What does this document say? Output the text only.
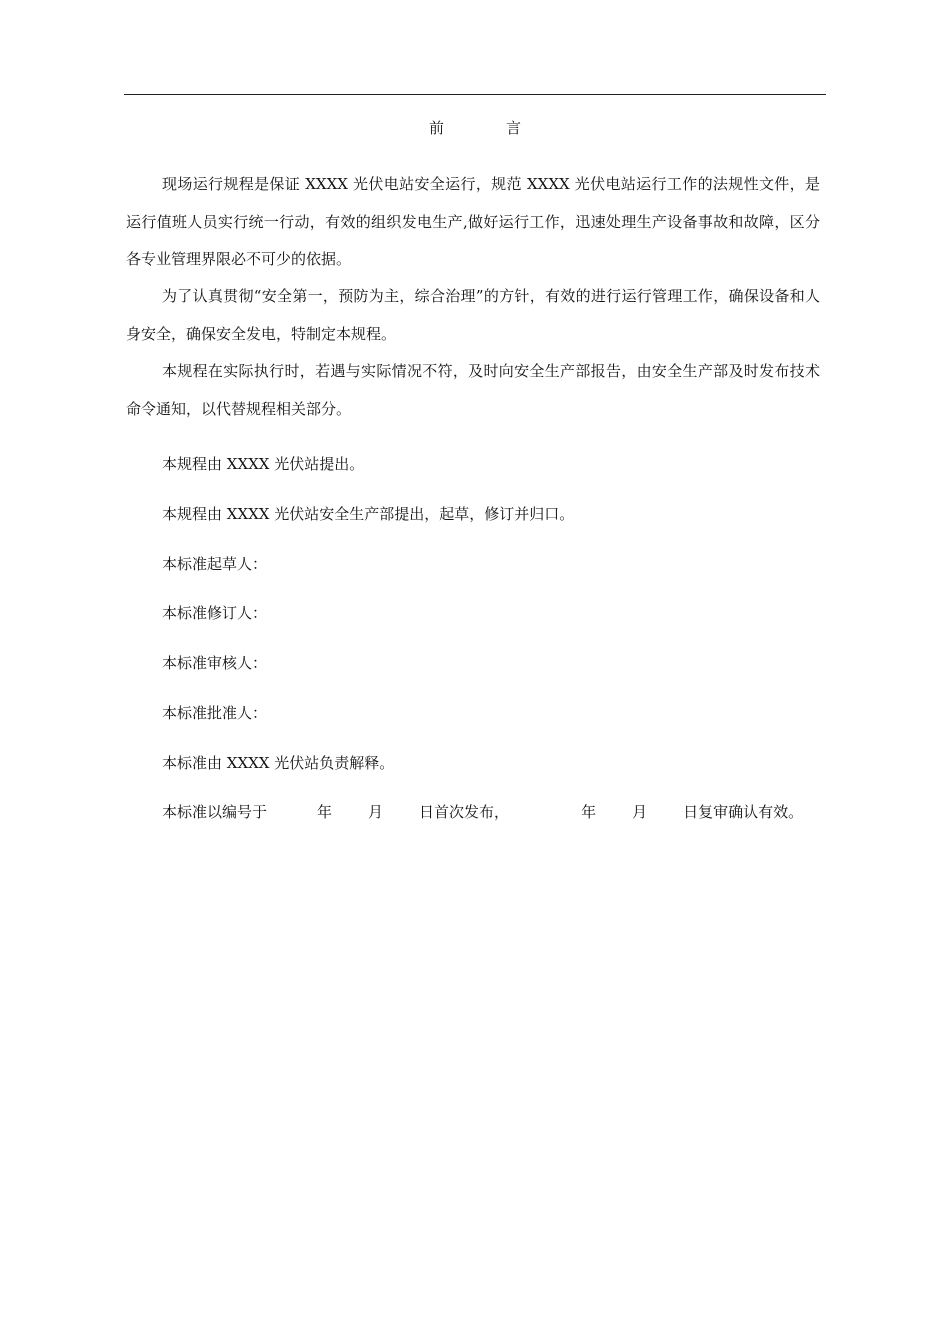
前	言

现场运行规程是保证 XXXX 光伏电站安全运行，规范 XXXX 光伏电站运行工作的法规性文件，是运行值班人员实行统一行动，有效的组织发电生产,做好运行工作，迅速处理生产设备事故和故障，区分各专业管理界限必不可少的依据。

为了认真贯彻“安全第一，预防为主，综合治理”的方针，有效的进行运行管理工作，确保设备和人身安全，确保安全发电，特制定本规程。

本规程在实际执行时，若遇与实际情况不符，及时向安全生产部报告，由安全生产部及时发布技术命令通知，以代替规程相关部分。

本规程由 XXXX 光伏站提出。

本规程由 XXXX 光伏站安全生产部提出，起草，修订并归口。

本标准起草人：

本标准修订人：

本标准审核人：

本标准批准人：

本标准由 XXXX 光伏站负责解释。

本标准以编号于	年 月 日首次发布，	年 月 日复审确认有效。
